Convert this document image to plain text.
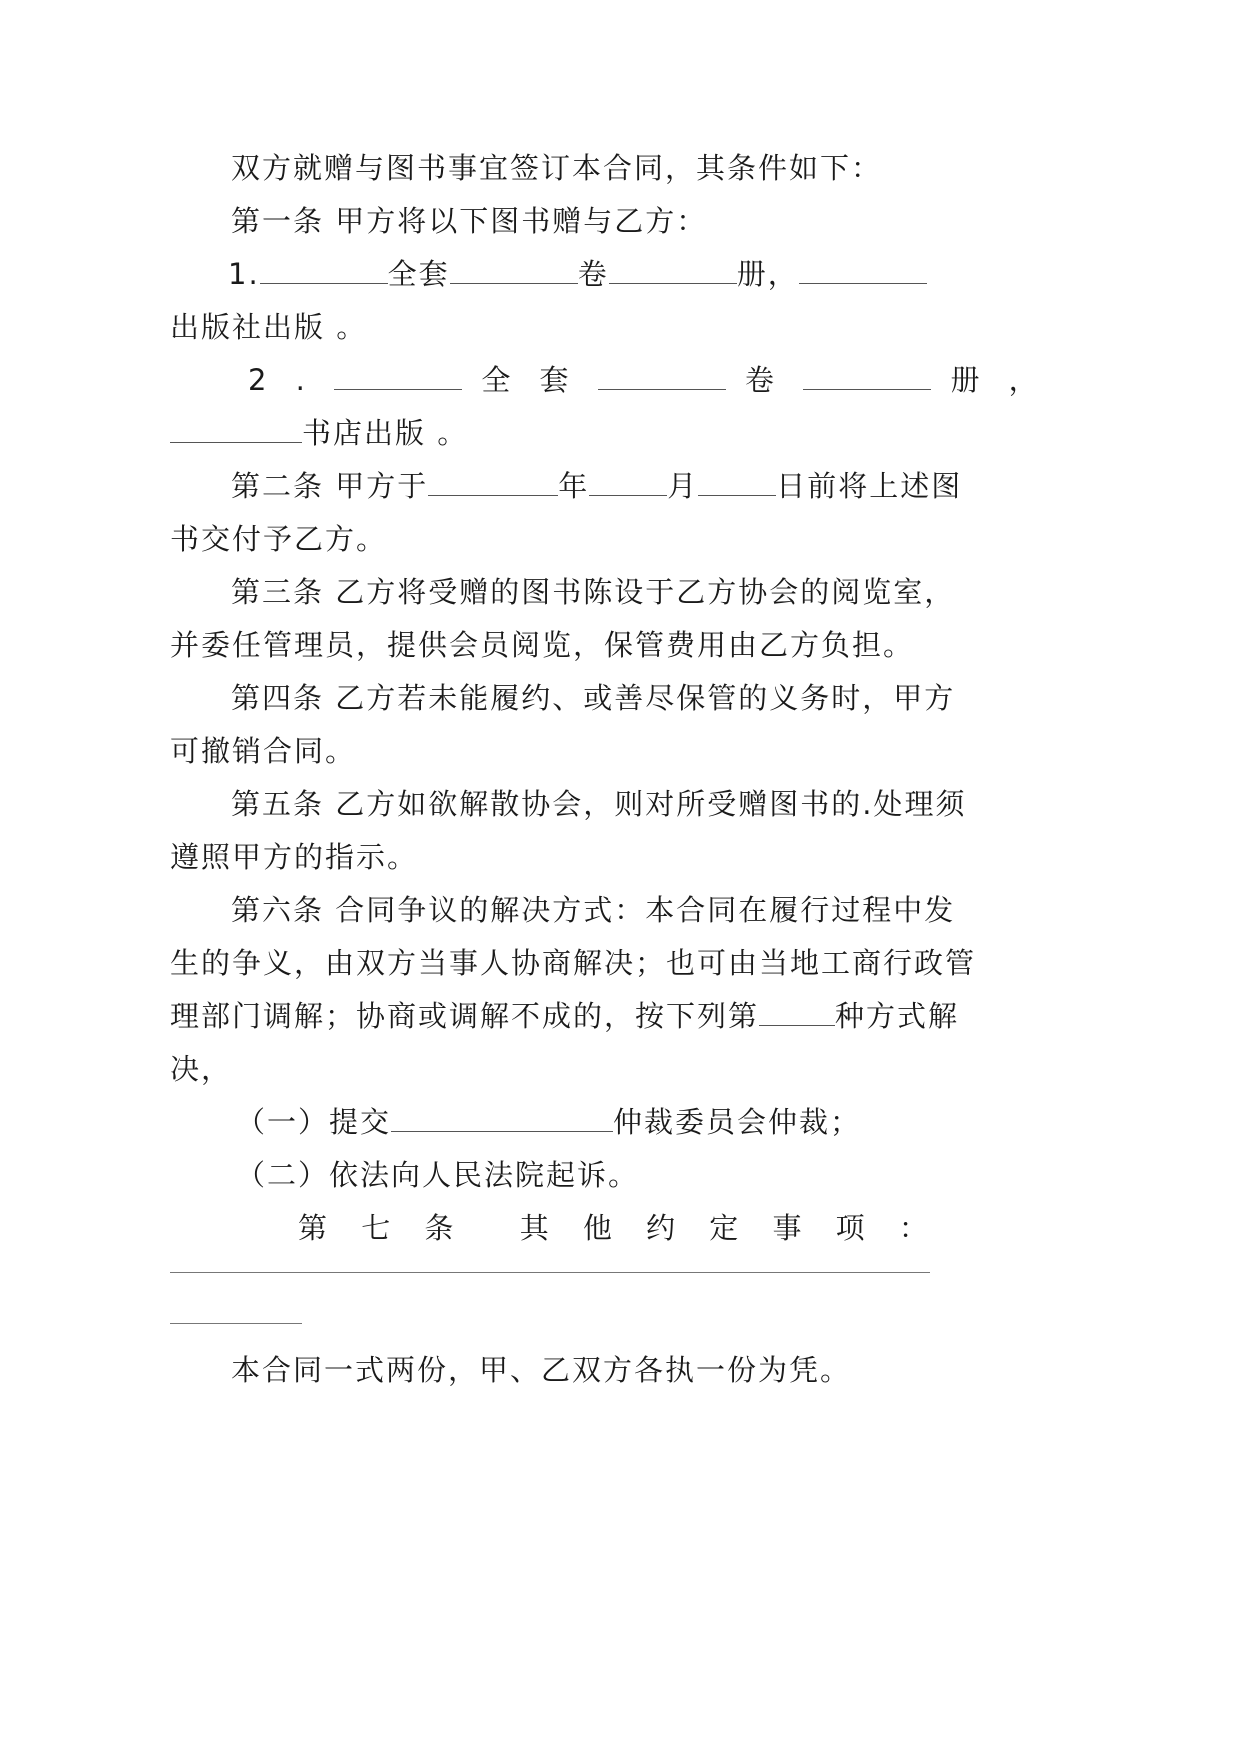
双方就赠与图书事宜签订本合同，其条件如下：
第一条 甲方将以下图书赠与乙方：
1.	全套	卷	册，
出版社出版 。
2 .	全 套	卷	册 ，
书店出版 。
第二条 甲方于	年	月	日前将上述图
书交付予乙方。
第三条 乙方将受赠的图书陈设于乙方协会的阅览室，
并委任管理员，提供会员阅览，保管费用由乙方负担。
第四条 乙方若未能履约、或善尽保管的义务时，甲方
可撤销合同。
第五条 乙方如欲解散协会，则对所受赠图书的.处理须
遵照甲方的指示。
第六条 合同争议的解决方式：本合同在履行过程中发
生的争义，由双方当事人协商解决；也可由当地工商行政管
理部门调解；协商或调解不成的，按下列第	种方式解
决，
（一）提交	仲裁委员会仲裁；
（二）依法向人民法院起诉。
第 七 条 其 他 约 定 事 项 ：
本合同一式两份，甲、乙双方各执一份为凭。
